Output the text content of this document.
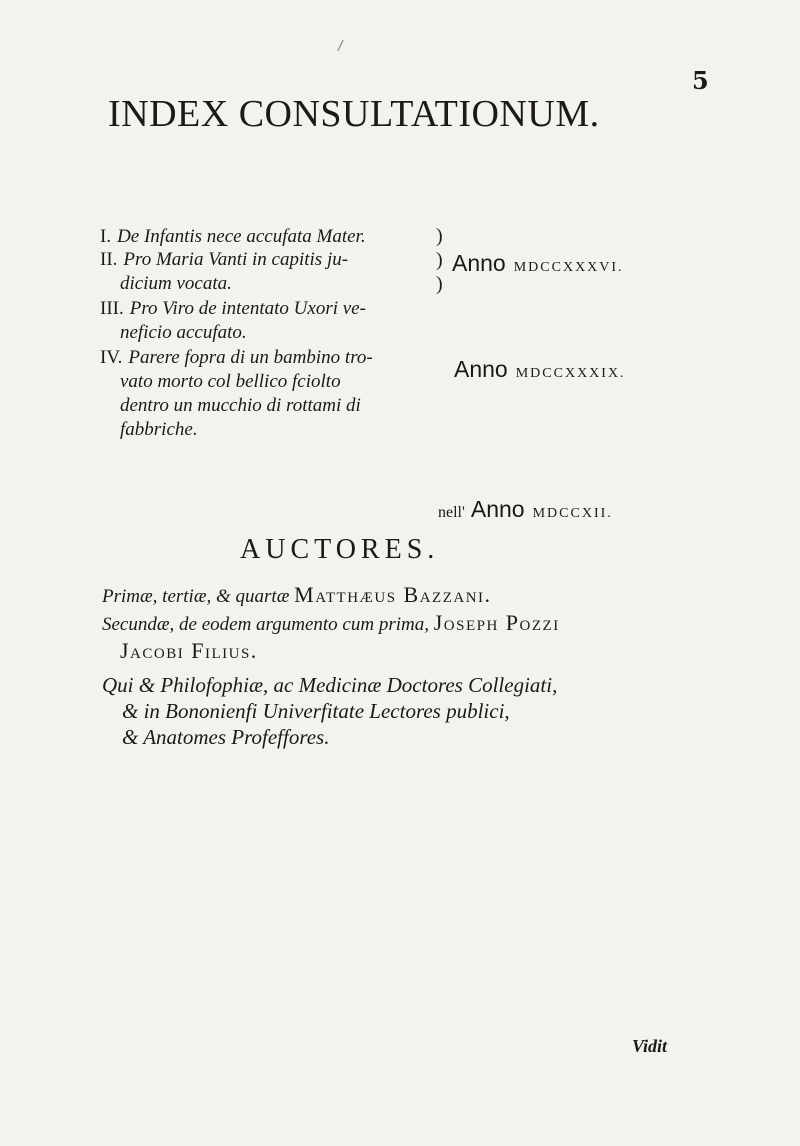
/
5
INDEX CONSULTATIONUM.
I. De Infantis nece accufata Mater.
II. Pro Maria Vanti in capitis ju-
dicium vocata.
III. Pro Viro de intentato Uxori ve-
neficio accufato.
IV. Parere fopra di un bambino tro-
vato morto col bellico fciolto
dentro un mucchio di rottami di
fabbriche.
)
)
)
Anno MDCCXXXVI.
Anno MDCCXXXIX.
nell' Anno MDCCXII.
AUCTORES.
Primæ, tertiæ, & quartæ Matthæus Bazzani.
Secundæ, de eodem argumento cum prima, Joseph Pozzi
Jacobi Filius.
Qui & Philofophiæ, ac Medicinæ Doctores Collegiati,
& in Bononienfi Univerfitate Lectores publici,
& Anatomes Profeffores.
Vidit
